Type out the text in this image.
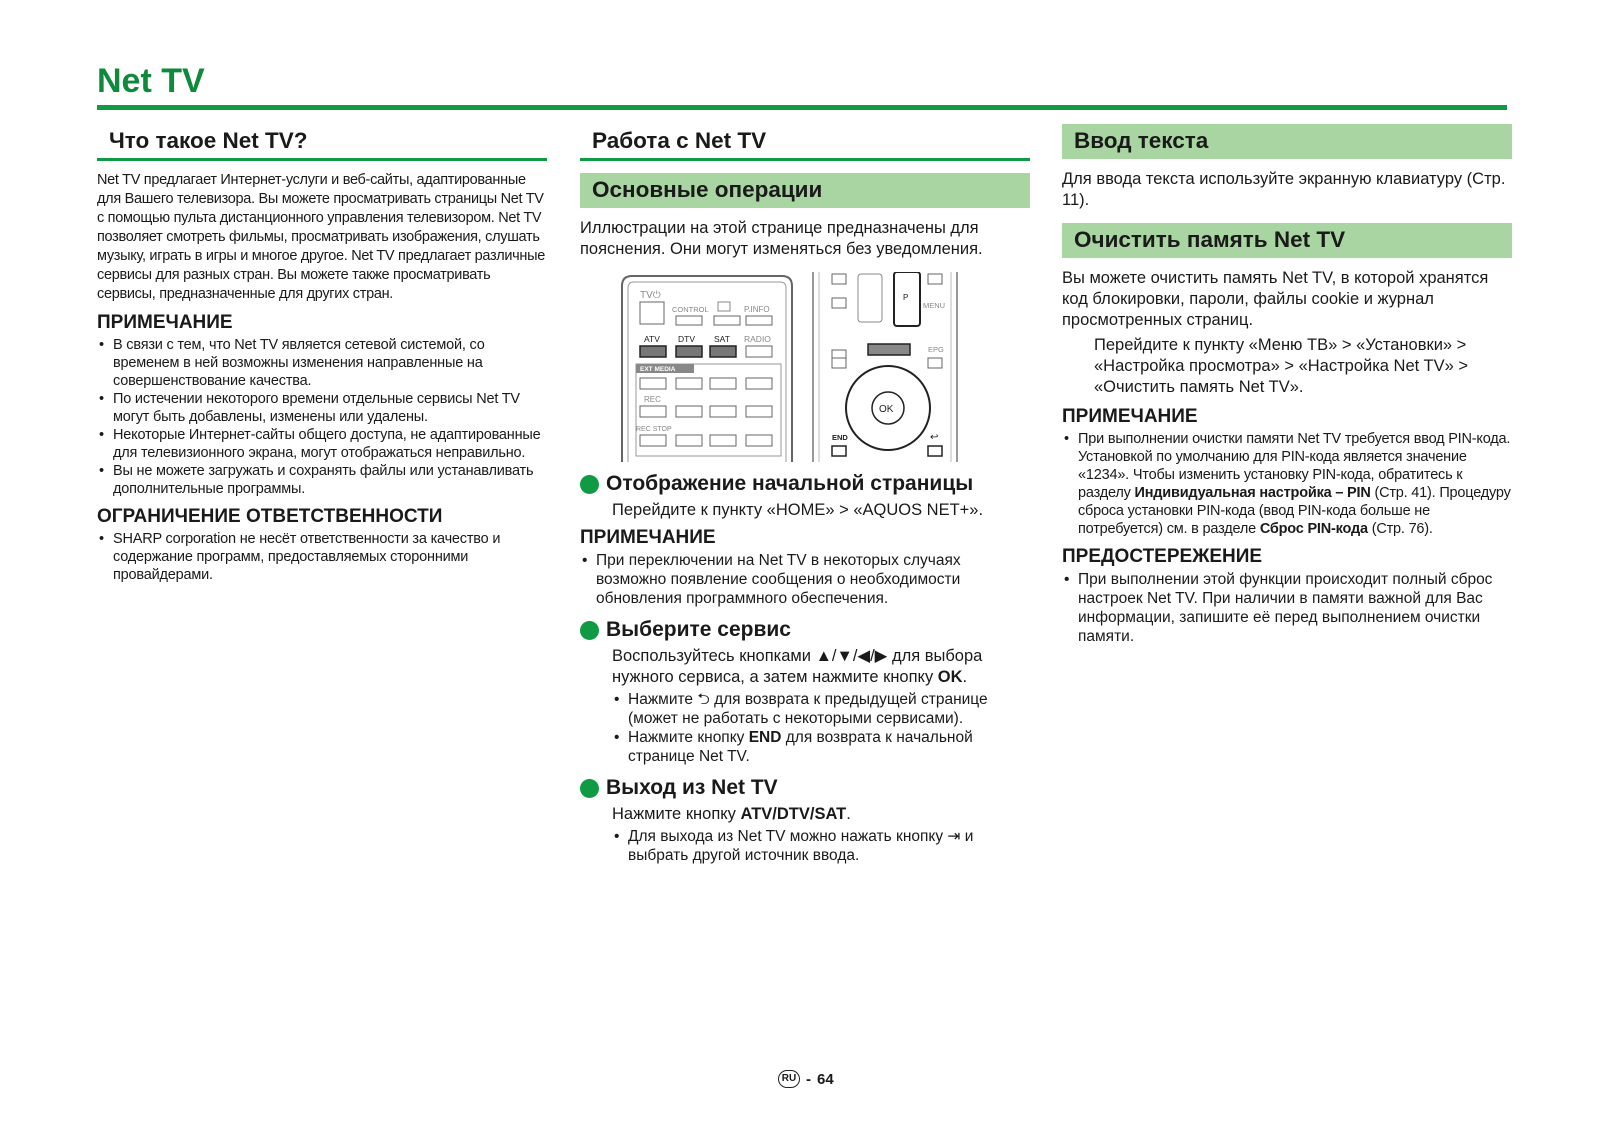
Net TV
Что такое Net TV?
Net TV предлагает Интернет-услуги и веб-сайты, адаптированные для Вашего телевизора. Вы можете просматривать страницы Net TV с помощью пульта дистанционного управления телевизором. Net TV позволяет смотреть фильмы, просматривать изображения, слушать музыку, играть в игры и многое другое. Net TV предлагает различные сервисы для разных стран. Вы можете также просматривать сервисы, предназначенные для других стран.
ПРИМЕЧАНИЕ
• В связи с тем, что Net TV является сетевой системой, со временем в ней возможны изменения направленные на совершенствование качества.
• По истечении некоторого времени отдельные сервисы Net TV могут быть добавлены, изменены или удалены.
• Некоторые Интернет-сайты общего доступа, не адаптированные для телевизионного экрана, могут отображаться неправильно.
• Вы не можете загружать и сохранять файлы или устанавливать дополнительные программы.
ОГРАНИЧЕНИЕ ОТВЕТСТВЕННОСТИ
• SHARP corporation не несёт ответственности за качество и содержание программ, предоставляемых сторонними провайдерами.
Работа с Net TV
Основные операции
Иллюстрации на этой странице предназначены для пояснения. Они могут изменяться без уведомления.
TV⏻
CONTROL	P.INFO
ATV DTV SAT RADIO
EXT MEDIA
REC
REC STOP
P
MENU
EPG
OK
END	↩
Отображение начальной страницы
Перейдите к пункту «HOME» > «AQUOS NET+».
ПРИМЕЧАНИЕ
• При переключении на Net TV в некоторых случаях возможно появление сообщения о необходимости обновления программного обеспечения.
Выберите сервис
Воспользуйтесь кнопками ▲/▼/◀/▶ для выбора нужного сервиса, а затем нажмите кнопку OK.
• Нажмите ⮌ для возврата к предыдущей странице (может не работать с некоторыми сервисами).
• Нажмите кнопку END для возврата к начальной странице Net TV.
Выход из Net TV
Нажмите кнопку ATV/DTV/SAT.
• Для выхода из Net TV можно нажать кнопку ⇥ и выбрать другой источник ввода.
Ввод текста
Для ввода текста используйте экранную клавиатуру (Стр. 11).
Очистить память Net TV
Вы можете очистить память Net TV, в которой хранятся код блокировки, пароли, файлы cookie и журнал просмотренных страниц.
Перейдите к пункту «Меню ТВ» > «Установки» > «Настройка просмотра» > «Настройка Net TV» > «Очистить память Net TV».
ПРИМЕЧАНИЕ
• При выполнении очистки памяти Net TV требуется ввод PIN-кода. Установкой по умолчанию для PIN-кода является значение «1234». Чтобы изменить установку PIN-кода, обратитесь к разделу Индивидуальная настройка – PIN (Стр. 41). Процедуру сброса установки PIN-кода (ввод PIN-кода больше не потребуется) см. в разделе Сброс PIN-кода (Стр. 76).
ПРЕДОСТЕРЕЖЕНИЕ
• При выполнении этой функции происходит полный сброс настроек Net TV. При наличии в памяти важной для Вас информации, запишите её перед выполнением очистки памяти.
RU - 64
